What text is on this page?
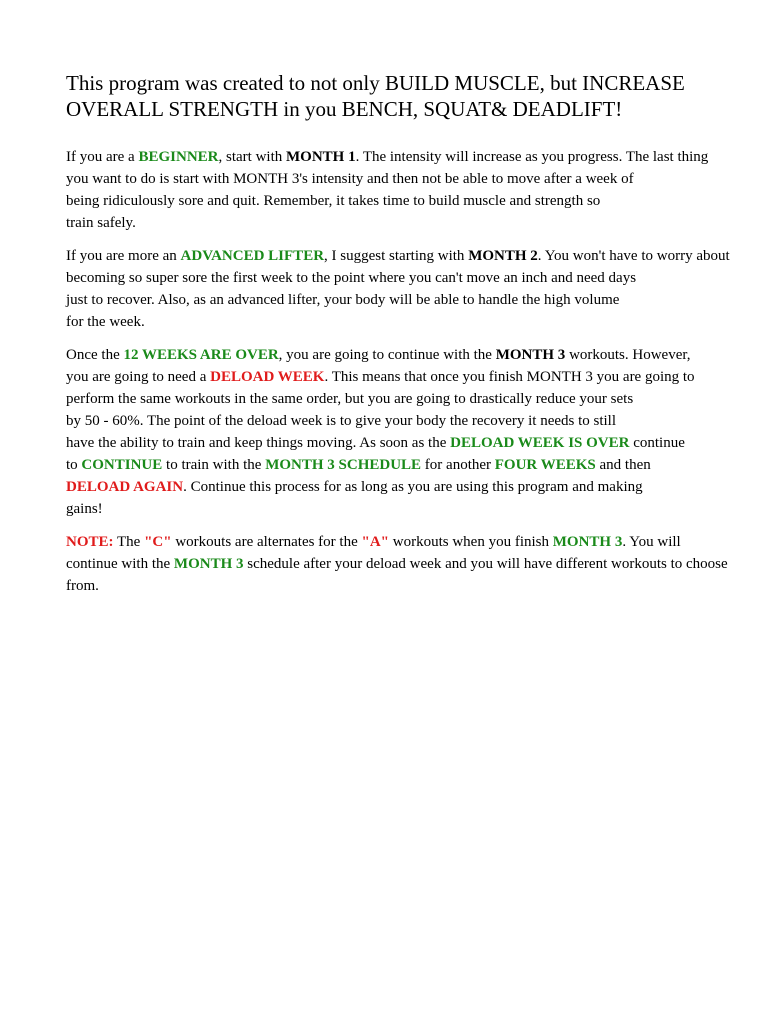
This program was created to not only BUILD MUSCLE, but INCREASE
OVERALL STRENGTH in you BENCH, SQUAT& DEADLIFT!
If you are a BEGINNER, start with MONTH 1. The intensity will increase as you progress. The last thing
you want to do is start with MONTH 3's intensity and then not be able to move after a week of
being ridiculously sore and quit. Remember, it takes time to build muscle and strength so
train safely.
If you are more an ADVANCED LIFTER, I suggest starting with MONTH 2. You won't have to worry about
becoming so super sore the first week to the point where you can't move an inch and need days
just to recover. Also, as an advanced lifter, your body will be able to handle the high volume
for the week.
Once the 12 WEEKS ARE OVER, you are going to continue with the MONTH 3 workouts. However,
you are going to need a DELOAD WEEK. This means that once you finish MONTH 3 you are going to
perform the same workouts in the same order, but you are going to drastically reduce your sets
by 50 - 60%. The point of the deload week is to give your body the recovery it needs to still
have the ability to train and keep things moving. As soon as the DELOAD WEEK IS OVER continue
to CONTINUE to train with the MONTH 3 SCHEDULE for another FOUR WEEKS and then
DELOAD AGAIN. Continue this process for as long as you are using this program and making
gains!
NOTE: The "C" workouts are alternates for the "A" workouts when you finish MONTH 3. You will
continue with the MONTH 3 schedule after your deload week and you will have different workouts to choose
from.
